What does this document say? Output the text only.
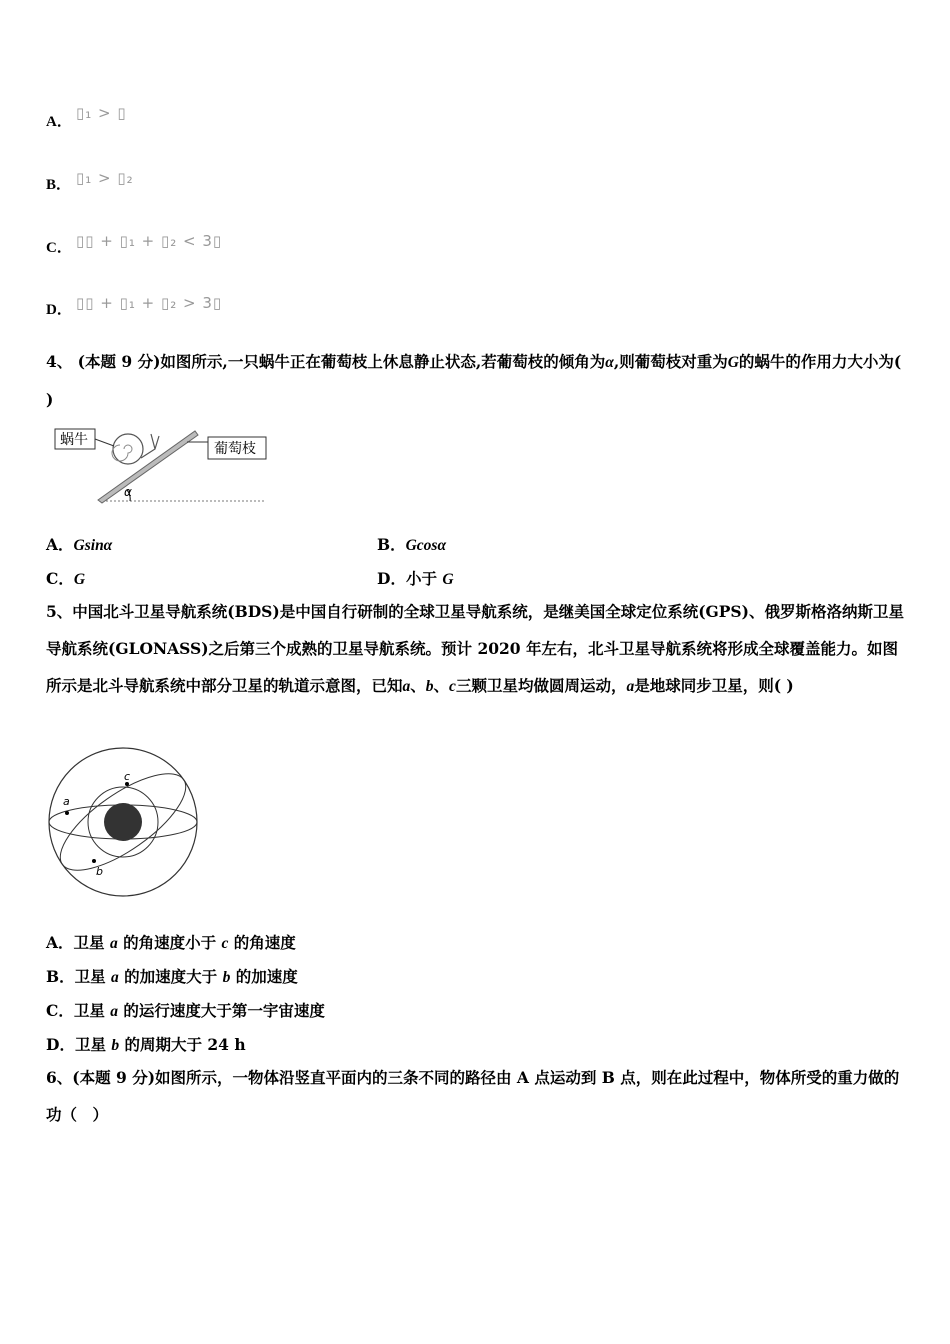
A． ▯₁ > ▯
B． ▯₁ > ▯₂
C． ▯▯ + ▯₁ + ▯₂ < 3▯
D． ▯▯ + ▯₁ + ▯₂ > 3▯
4、 (本题 9 分)如图所示,一只蜗牛正在葡萄枝上休息静止状态,若葡萄枝的倾角为α,则葡萄枝对重为G的蜗牛的作用力大小为( )
α
蜗牛
葡萄枝
A．Gsinα	B．Gcosα
C．G	D．小于 G
5、中国北斗卫星导航系统(BDS)是中国自行研制的全球卫星导航系统，是继美国全球定位系统(GPS)、俄罗斯格洛纳斯卫星导航系统(GLONASS)之后第三个成熟的卫星导航系统。预计 2020 年左右，北斗卫星导航系统将形成全球覆盖能力。如图所示是北斗导航系统中部分卫星的轨道示意图，已知a、b、c三颗卫星均做圆周运动，a是地球同步卫星，则( )
a
c
b
A．卫星 a 的角速度小于 c 的角速度
B．卫星 a 的加速度大于 b 的加速度
C．卫星 a 的运行速度大于第一宇宙速度
D．卫星 b 的周期大于 24 h
6、(本题 9 分)如图所示，一物体沿竖直平面内的三条不同的路径由 A 点运动到 B 点，则在此过程中，物体所受的重力做的功（　）
